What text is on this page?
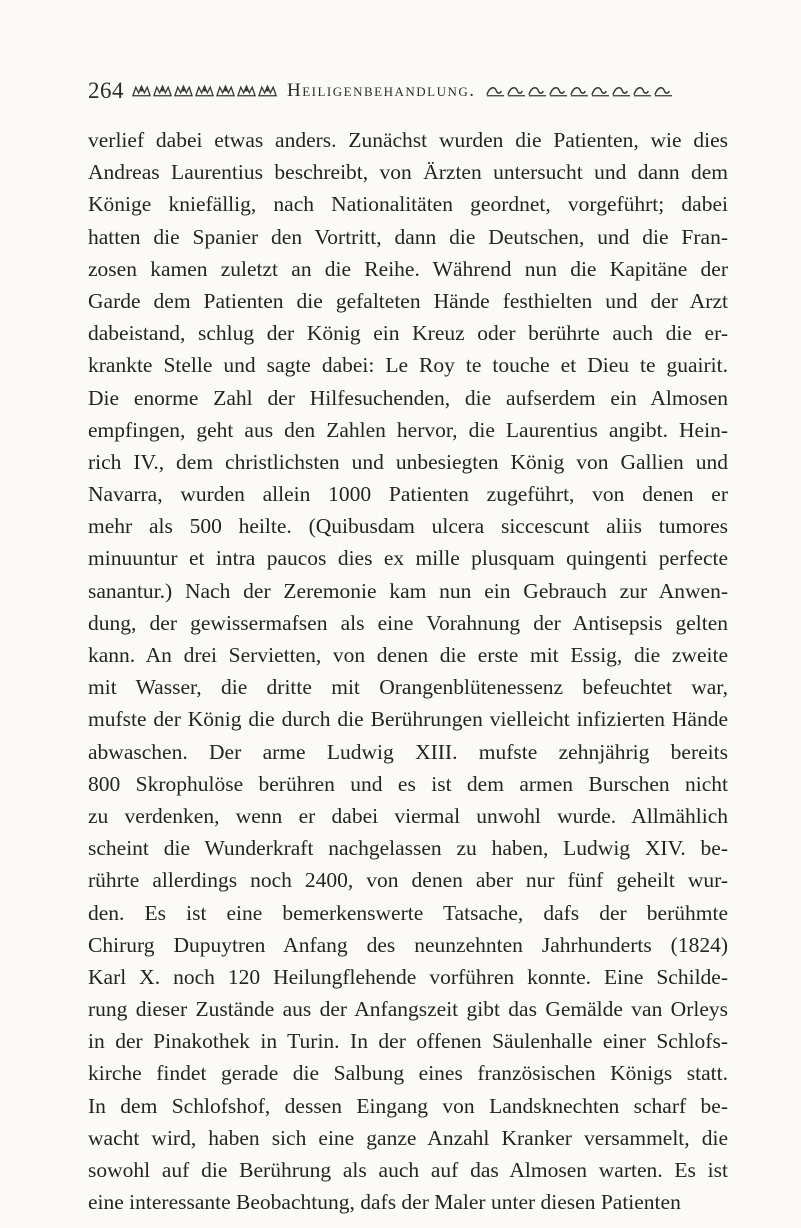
264	Heiligenbehandlung.
verlief dabei etwas anders. Zunächst wurden die Patienten, wie dies
Andreas Laurentius beschreibt, von Ärzten untersucht und dann dem
Könige kniefällig, nach Nationalitäten geordnet, vorgeführt; dabei
hatten die Spanier den Vortritt, dann die Deutschen, und die Fran-
zosen kamen zuletzt an die Reihe. Während nun die Kapitäne der
Garde dem Patienten die gefalteten Hände festhielten und der Arzt
dabeistand, schlug der König ein Kreuz oder berührte auch die er-
krankte Stelle und sagte dabei: Le Roy te touche et Dieu te guairit.
Die enorme Zahl der Hilfesuchenden, die aufserdem ein Almosen
empfingen, geht aus den Zahlen hervor, die Laurentius angibt. Hein-
rich IV., dem christlichsten und unbesiegten König von Gallien und
Navarra, wurden allein 1000 Patienten zugeführt, von denen er
mehr als 500 heilte. (Quibusdam ulcera siccescunt aliis tumores
minuuntur et intra paucos dies ex mille plusquam quingenti perfecte
sanantur.) Nach der Zeremonie kam nun ein Gebrauch zur Anwen-
dung, der gewissermafsen als eine Vorahnung der Antisepsis gelten
kann. An drei Servietten, von denen die erste mit Essig, die zweite
mit Wasser, die dritte mit Orangenblütenessenz befeuchtet war,
mufste der König die durch die Berührungen vielleicht infizierten Hände
abwaschen. Der arme Ludwig XIII. mufste zehnjährig bereits
800 Skrophulöse berühren und es ist dem armen Burschen nicht
zu verdenken, wenn er dabei viermal unwohl wurde. Allmählich
scheint die Wunderkraft nachgelassen zu haben, Ludwig XIV. be-
rührte allerdings noch 2400, von denen aber nur fünf geheilt wur-
den. Es ist eine bemerkenswerte Tatsache, dafs der berühmte
Chirurg Dupuytren Anfang des neunzehnten Jahrhunderts (1824)
Karl X. noch 120 Heilungflehende vorführen konnte. Eine Schilde-
rung dieser Zustände aus der Anfangszeit gibt das Gemälde van Orleys
in der Pinakothek in Turin. In der offenen Säulenhalle einer Schlofs-
kirche findet gerade die Salbung eines französischen Königs statt.
In dem Schlofshof, dessen Eingang von Landsknechten scharf be-
wacht wird, haben sich eine ganze Anzahl Kranker versammelt, die
sowohl auf die Berührung als auch auf das Almosen warten. Es ist
eine interessante Beobachtung, dafs der Maler unter diesen Patienten
